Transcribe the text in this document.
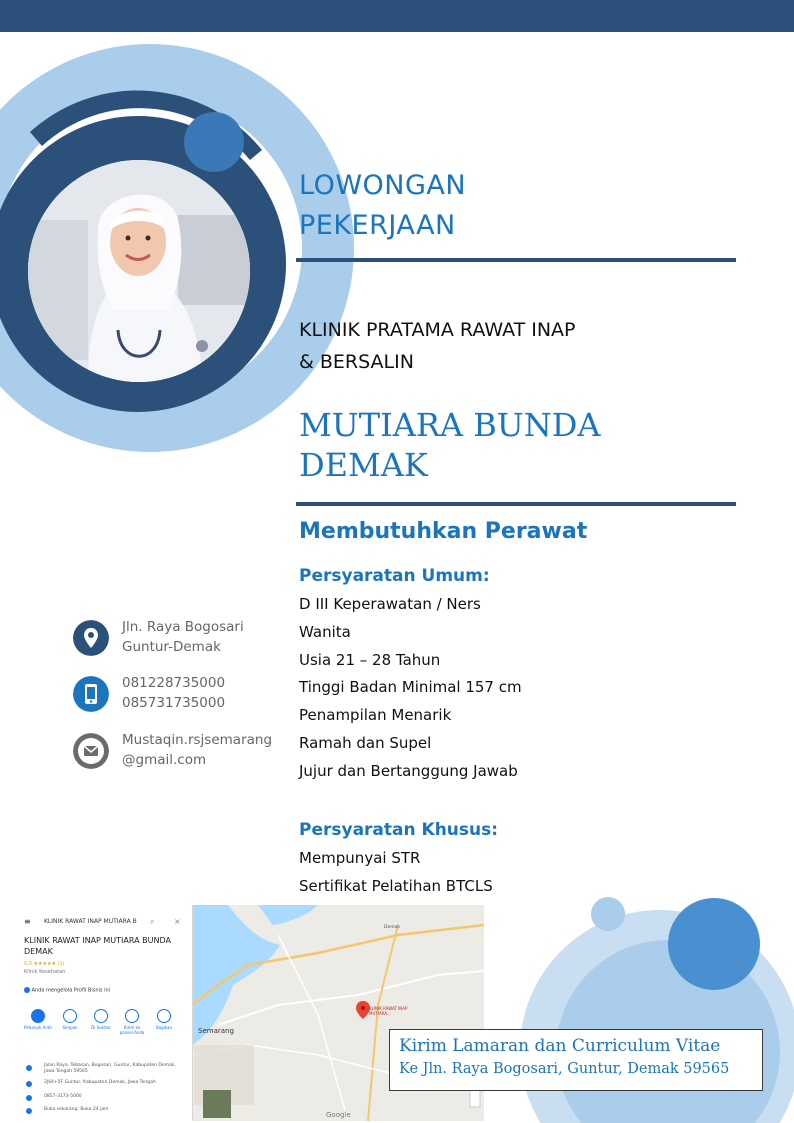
LOWONGAN
PEKERJAAN
KLINIK PRATAMA RAWAT INAP
& BERSALIN
MUTIARA BUNDA
DEMAK
Membutuhkan Perawat
Persyaratan Umum:
D III Keperawatan / Ners
Wanita
Usia 21 – 28 Tahun
Tinggi Badan Minimal 157 cm
Penampilan Menarik
Ramah dan Supel
Jujur dan Bertanggung Jawab
Persyaratan Khusus:
Mempunyai STR
Sertifikat Pelatihan BTCLS
Jln. Raya Bogosari
Guntur-Demak
081228735000
085731735000
Mustaqin.rsjsemarang
@gmail.com
Semarang
Demak
KLINIK RAWAT INAP MUTIARA...
Google
≡ KLINIK RAWAT INAP MUTIARA B ⌕ ×
KLINIK RAWAT INAP MUTIARA BUNDA DEMAK
5,0 ★★★★★ (1)
Klinik Kesehatan
Anda mengelola Profil Bisnis ini
Petunjuk Arah	Simpan	Di Sekitar	Kirim ke ponsel Anda
Bagikan
Jalan Raya, Tebasan, Bogosari, Guntur, Kabupaten Demak, Jawa Tengah 59565
2J64+5F Guntur, Kabupaten Demak, Jawa Tengah
0857-3173-5000
Buka sekarang: Buka 24 jam
Kirim Lamaran dan Curriculum Vitae
Ke Jln. Raya Bogosari, Guntur, Demak 59565
